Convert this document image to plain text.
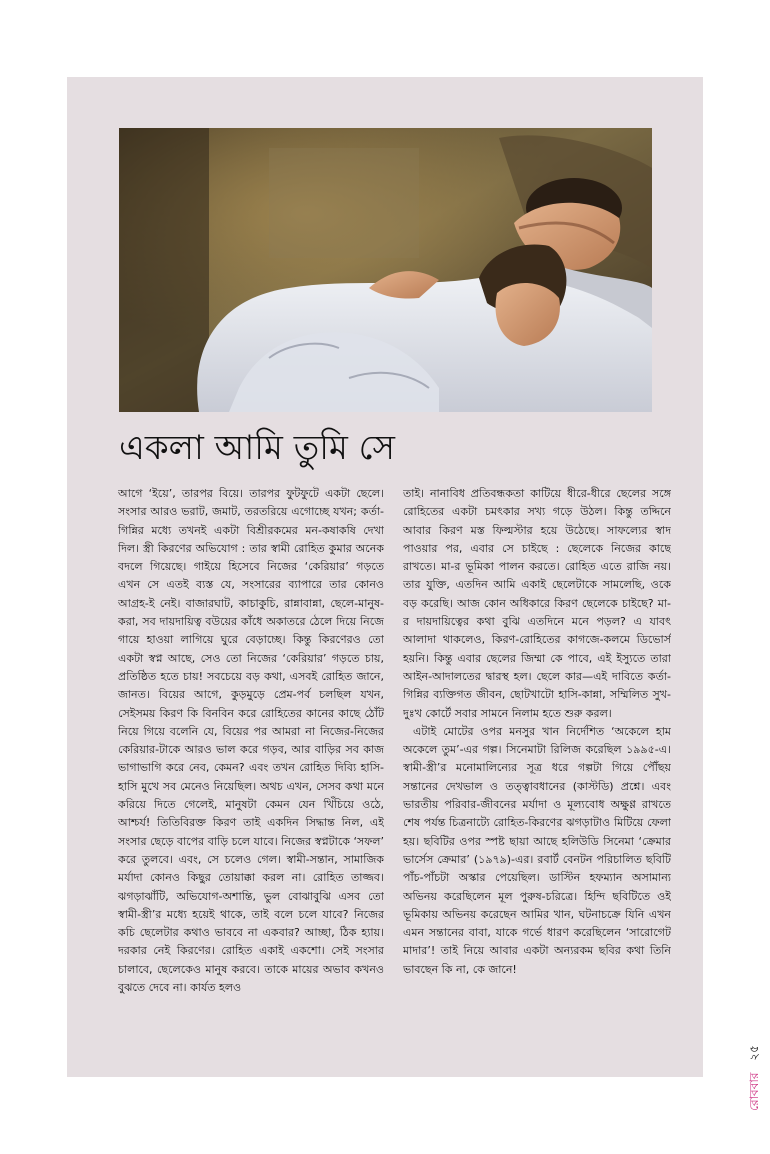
একলা আমি তুমি সে

আগে ‘ইয়ে’, তারপর বিয়ে। তারপর ফুটফুটে একটা ছেলে। সংসার আরও ভরাট, জমাট, তরতরিয়ে এগোচ্ছে যখন; কর্তা-গিন্নির মধ্যে তখনই একটা বিশ্রীরকমের মন-কষাকষি দেখা দিল। স্ত্রী কিরণের অভিযোগ : তার স্বামী রোহিত কুমার অনেক বদলে গিয়েছে। গাইয়ে হিসেবে নিজের ‘কেরিয়ার’ গড়তে এখন সে এতই ব্যস্ত যে, সংসারের ব্যাপারে তার কোনও আগ্রহ-ই নেই। বাজারঘাট, কাচাকুচি, রান্নাবান্না, ছেলে-মানুষ-করা, সব দায়দায়িত্ব বউয়ের কাঁধে অকাতরে ঠেলে দিয়ে নিজে গায়ে হাওয়া লাগিয়ে ঘুরে বেড়াচ্ছে। কিন্তু কিরণেরও তো একটা স্বপ্ন আছে, সেও তো নিজের ‘কেরিয়ার’ গড়তে চায়, প্রতিষ্ঠিত হতে চায়! সবচেয়ে বড় কথা, এসবই রোহিত জানে, জানত। বিয়ের আগে, কুড়মুড়ে প্রেম-পর্ব চলছিল যখন, সেইসময় কিরণ কি বিনবিন করে রোহিতের কানের কাছে ঠোঁট নিয়ে গিয়ে বলেনি যে, বিয়ের পর আমরা না নিজের-নিজের কেরিয়ার-টাকে আরও ভাল করে গড়ব, আর বাড়ির সব কাজ ভাগাভাগি করে নেব, কেমন? এবং তখন রোহিত দিব্যি হাসি-হাসি মুখে সব মেনেও নিয়েছিল। অথচ এখন, সেসব কথা মনে করিয়ে দিতে গেলেই, মানুষটা কেমন যেন খিঁচিয়ে ওঠে, আশ্চর্য! তিতিবিরক্ত কিরণ তাই একদিন সিদ্ধান্ত নিল, এই সংসার ছেড়ে বাপের বাড়ি চলে যাবে। নিজের স্বপ্নটাকে ‘সফল’ করে তুলবে। এবং, সে চলেও গেল। স্বামী-সন্তান, সামাজিক মর্যাদা কোনও কিছুর তোয়াক্কা করল না। রোহিত তাজ্জব। ঝগড়াঝাঁটি, অভিযোগ-অশান্তি, ভুল বোঝাবুঝি এসব তো স্বামী-স্ত্রী’র মধ্যে হয়েই থাকে, তাই বলে চলে যাবে? নিজের কচি ছেলেটার কথাও ভাববে না একবার? আচ্ছা, ঠিক হ্যায়। দরকার নেই কিরণের। রোহিত একাই একশো। সেই সংসার চালাবে, ছেলেকেও মানুষ করবে। তাকে মায়ের অভাব কখনও বুঝতে দেবে না। কার্যত হলও

তাই। নানাবিধ প্রতিবন্ধকতা কাটিয়ে ধীরে-ধীরে ছেলের সঙ্গে রোহিতের একটা চমৎকার সখ্য গড়ে উঠল। কিন্তু তদ্দিনে আবার কিরণ মস্ত ফিল্মস্টার হয়ে উঠেছে। সাফল্যের স্বাদ পাওয়ার পর, এবার সে চাইছে : ছেলেকে নিজের কাছে রাখতে। মা-র ভূমিকা পালন করতে। রোহিত এতে রাজি নয়। তার যুক্তি, এতদিন আমি একাই ছেলেটাকে সামলেছি, ওকে বড় করেছি। আজ কোন অধিকারে কিরণ ছেলেকে চাইছে? মা-র দায়দায়িত্বের কথা বুঝি এতদিনে মনে পড়ল? এ যাবৎ আলাদা থাকলেও, কিরণ-রোহিতের কাগজে-কলমে ডিভোর্স হয়নি। কিন্তু এবার ছেলের জিম্মা কে পাবে, এই ইস্যুতে তারা আইন-আদালতের দ্বারস্থ হল। ছেলে কার—এই দাবিতে কর্তা-গিন্নির ব্যক্তিগত জীবন, ছোটখাটো হাসি-কান্না, সম্মিলিত সুখ-দুঃখ কোর্টে সবার সামনে নিলাম হতে শুরু করল।

এটাই মোটের ওপর মনসুর খান নির্দেশিত ‘অকেলে হাম অকেলে তুম’-এর গল্প। সিনেমাটা রিলিজ করেছিল ১৯৯৫-এ। স্বামী-স্ত্রী’র মনোমালিন্যের সূত্র ধরে গল্পটা গিয়ে পৌঁছয় সন্তানের দেখভাল ও তত্ত্বাবধানের (কাস্টডি) প্রশ্নে। এবং ভারতীয় পরিবার-জীবনের মর্যাদা ও মূল্যবোধ অক্ষুণ্ণ রাখতে শেষ পর্যন্ত চিত্রনাট্যে রোহিত-কিরণের ঝগড়াটাও মিটিয়ে ফেলা হয়। ছবিটির ওপর স্পষ্ট ছায়া আছে হলিউডি সিনেমা ‘ক্রেমার ভার্সেস ক্রেমার’ (১৯৭৯)-এর। রবার্ট বেনটন পরিচালিত ছবিটি পাঁচ-পাঁচটা অস্কার পেয়েছিল। ডাস্টিন হফম্যান অসামান্য অভিনয় করেছিলেন মূল পুরুষ-চরিত্রে। হিন্দি ছবিটিতে ওই ভূমিকায় অভিনয় করেছেন আমির খান, ঘটনাচক্রে যিনি এখন এমন সন্তানের বাবা, যাকে গর্ভে ধারণ করেছিলেন ‘সারোগেট মাদার’! তাই নিয়ে আবার একটা অন্যরকম ছবির কথা তিনি ভাবছেন কি না, কে জানে!

রোববার ২৫
